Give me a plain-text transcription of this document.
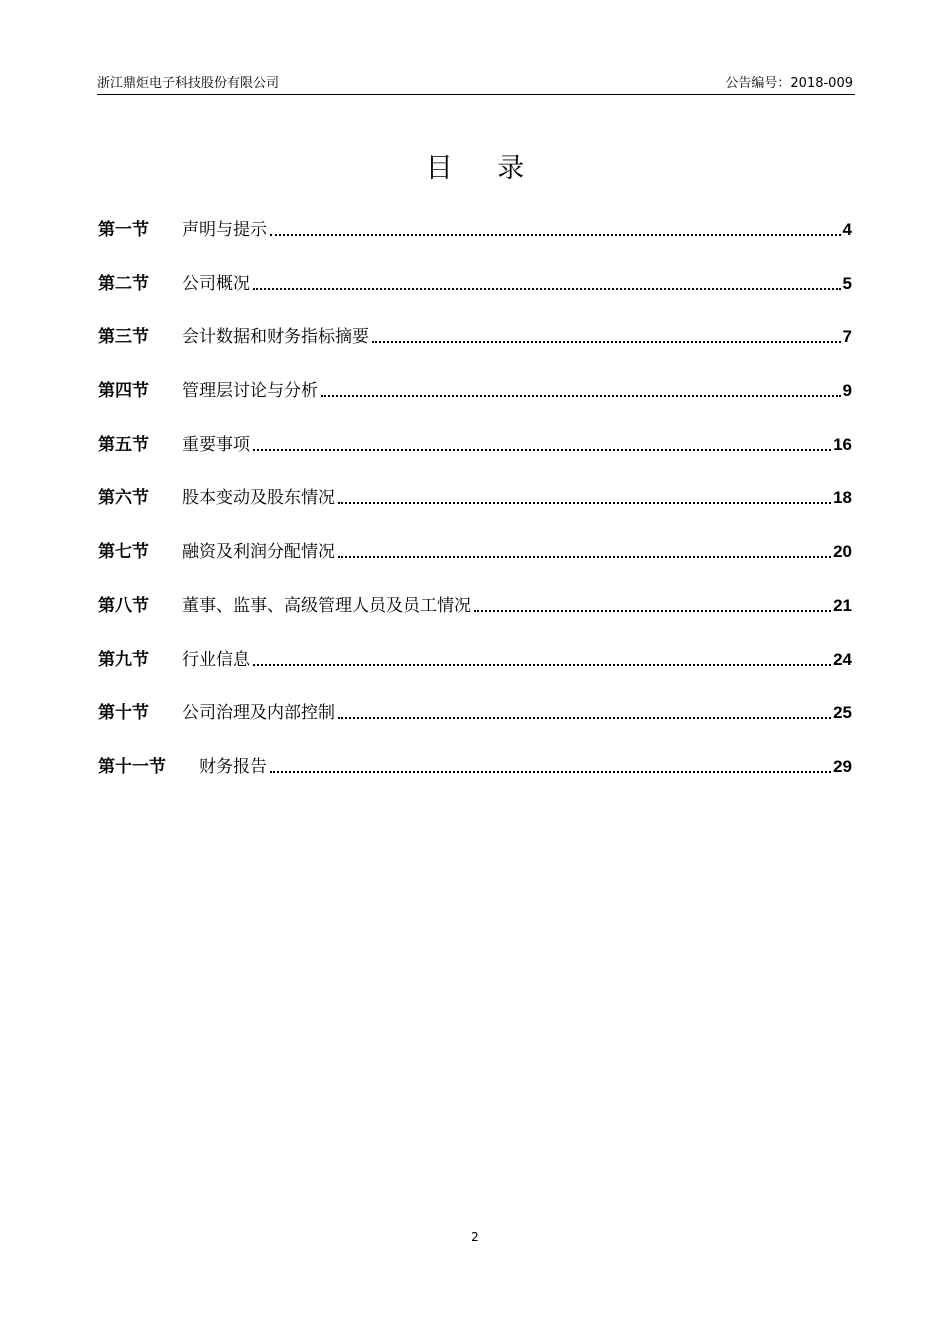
浙江鼎炬电子科技股份有限公司	公告编号：2018-009
目 录
第一节	声明与提示	4
第二节	公司概况	5
第三节	会计数据和财务指标摘要	7
第四节	管理层讨论与分析	9
第五节	重要事项	16
第六节	股本变动及股东情况	18
第七节	融资及利润分配情况	20
第八节	董事、监事、高级管理人员及员工情况	21
第九节	行业信息	24
第十节	公司治理及内部控制	25
第十一节	财务报告	29
2
